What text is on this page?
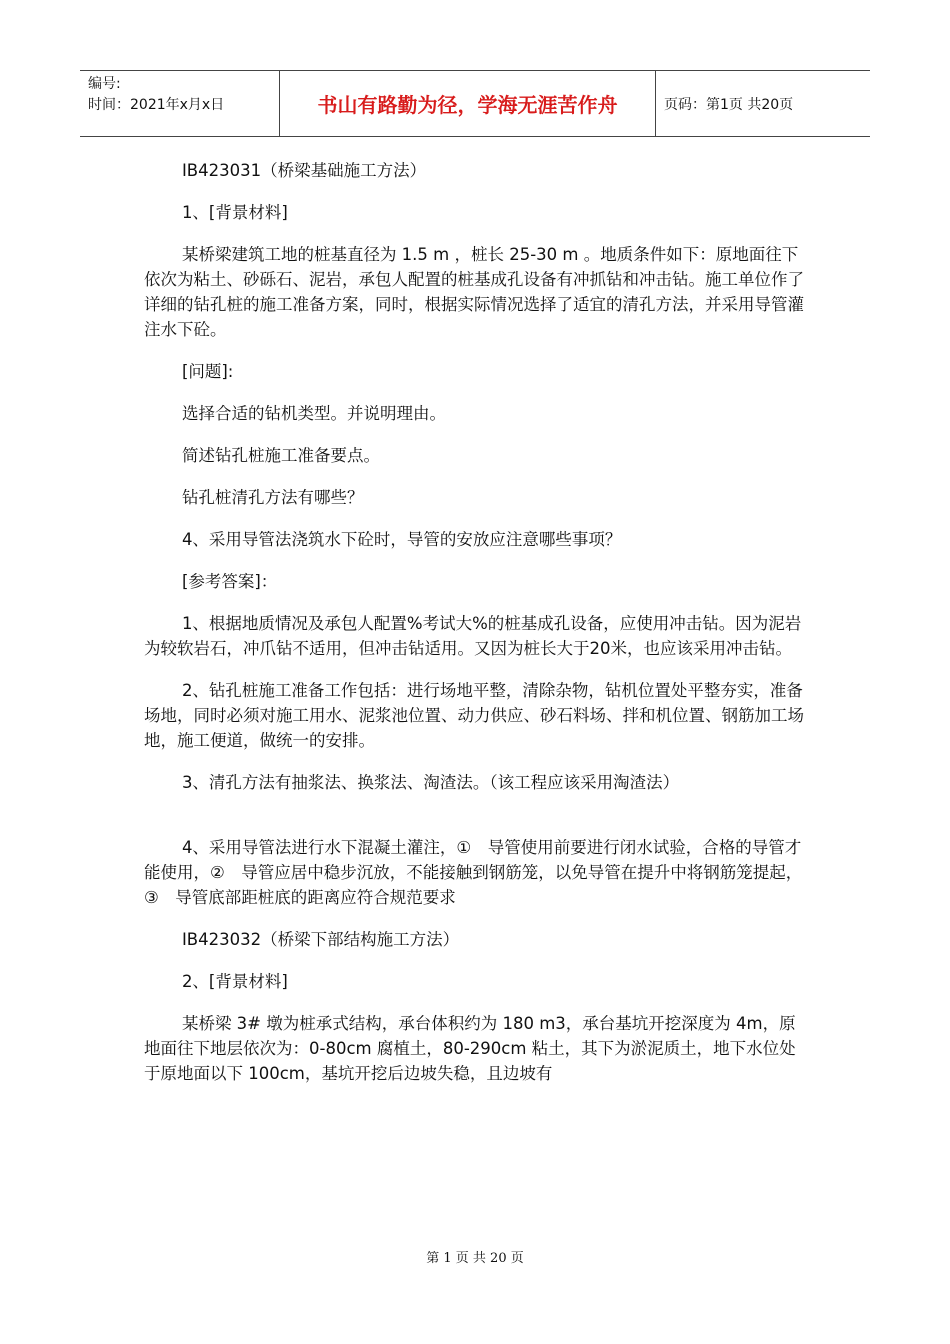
编号:
时间：2021年x月x日	书山有路勤为径，学海无涯苦作舟	页码：第1页 共20页

IB423031（桥梁基础施工方法）

1、[背景材料]

某桥梁建筑工地的桩基直径为 1.5 m ，桩长 25-30 m 。地质条件如下：原地面往下依次为粘土、砂砾石、泥岩，承包人配置的桩基成孔设备有冲抓钻和冲击钻。施工单位作了详细的钻孔桩的施工准备方案，同时，根据实际情况选择了适宜的清孔方法，并采用导管灌注水下砼。

[问题]:

选择合适的钻机类型。并说明理由。

简述钻孔桩施工准备要点。

钻孔桩清孔方法有哪些？

4、采用导管法浇筑水下砼时，导管的安放应注意哪些事项？

[参考答案]：

1、根据地质情况及承包人配置%考试大%的桩基成孔设备，应使用冲击钻。因为泥岩为较软岩石，冲爪钻不适用，但冲击钻适用。又因为桩长大于20米，也应该采用冲击钻。

2、钻孔桩施工准备工作包括：进行场地平整，清除杂物，钻机位置处平整夯实，准备场地，同时必须对施工用水、泥浆池位置、动力供应、砂石料场、拌和机位置、钢筋加工场地，施工便道，做统一的安排。

3、清孔方法有抽浆法、换浆法、淘渣法。（该工程应该采用淘渣法）

4、采用导管法进行水下混凝土灌注，①　导管使用前要进行闭水试验，合格的导管才能使用，②　导管应居中稳步沉放，不能接触到钢筋笼，以免导管在提升中将钢筋笼提起，③　导管底部距桩底的距离应符合规范要求

IB423032（桥梁下部结构施工方法）

2、[背景材料]

某桥梁 3# 墩为桩承式结构，承台体积约为 180 m3，承台基坑开挖深度为 4m，原地面往下地层依次为：0-80cm 腐植土，80-290cm 粘土，其下为淤泥质土，地下水位处于原地面以下 100cm，基坑开挖后边坡失稳，且边坡有

第 1 页 共 20 页
